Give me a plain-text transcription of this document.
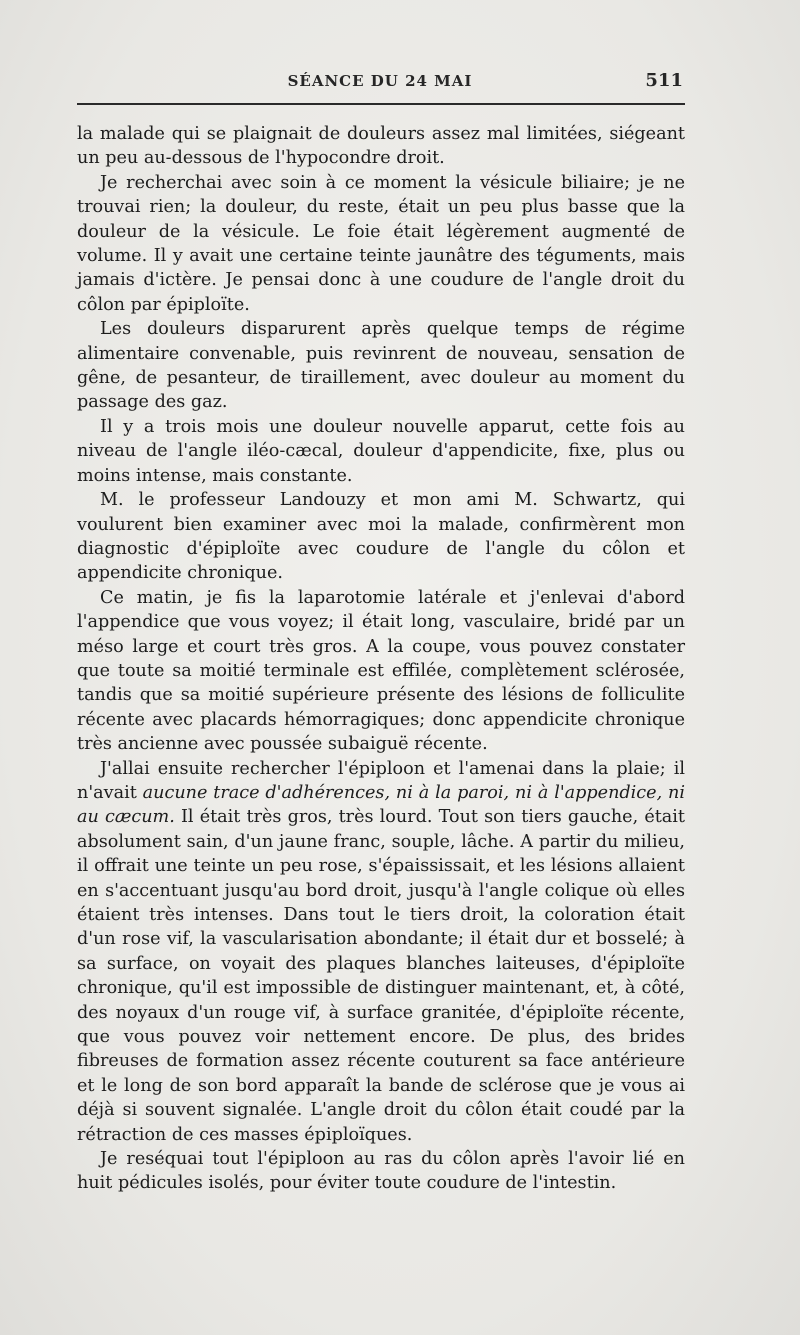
SÉANCE DU 24 MAI	511

la malade qui se plaignait de douleurs assez mal limitées, siégeant un peu au-dessous de l'hypocondre droit.

Je recherchai avec soin à ce moment la vésicule biliaire; je ne trouvai rien; la douleur, du reste, était un peu plus basse que la douleur de la vésicule. Le foie était légèrement augmenté de volume. Il y avait une certaine teinte jaunâtre des téguments, mais jamais d'ictère. Je pensai donc à une coudure de l'angle droit du côlon par épiploïte.

Les douleurs disparurent après quelque temps de régime alimentaire convenable, puis revinrent de nouveau, sensation de gêne, de pesanteur, de tiraillement, avec douleur au moment du passage des gaz.

Il y a trois mois une douleur nouvelle apparut, cette fois au niveau de l'angle iléo-cæcal, douleur d'appendicite, fixe, plus ou moins intense, mais constante.

M. le professeur Landouzy et mon ami M. Schwartz, qui voulurent bien examiner avec moi la malade, confirmèrent mon diagnostic d'épiploïte avec coudure de l'angle du côlon et appendicite chronique.

Ce matin, je fis la laparotomie latérale et j'enlevai d'abord l'appendice que vous voyez; il était long, vasculaire, bridé par un méso large et court très gros. A la coupe, vous pouvez constater que toute sa moitié terminale est effilée, complètement sclérosée, tandis que sa moitié supérieure présente des lésions de folliculite récente avec placards hémorragiques; donc appendicite chronique très ancienne avec poussée subaiguë récente.

J'allai ensuite rechercher l'épiploon et l'amenai dans la plaie; il n'avait aucune trace d'adhérences, ni à la paroi, ni à l'appendice, ni au cæcum. Il était très gros, très lourd. Tout son tiers gauche, était absolument sain, d'un jaune franc, souple, lâche. A partir du milieu, il offrait une teinte un peu rose, s'épaississait, et les lésions allaient en s'accentuant jusqu'au bord droit, jusqu'à l'angle colique où elles étaient très intenses. Dans tout le tiers droit, la coloration était d'un rose vif, la vascularisation abondante; il était dur et bosselé; à sa surface, on voyait des plaques blanches laiteuses, d'épiploïte chronique, qu'il est impossible de distinguer maintenant, et, à côté, des noyaux d'un rouge vif, à surface granitée, d'épiploïte récente, que vous pouvez voir nettement encore. De plus, des brides fibreuses de formation assez récente couturent sa face antérieure et le long de son bord apparaît la bande de sclérose que je vous ai déjà si souvent signalée. L'angle droit du côlon était coudé par la rétraction de ces masses épiploïques.

Je reséquai tout l'épiploon au ras du côlon après l'avoir lié en huit pédicules isolés, pour éviter toute coudure de l'intestin.
